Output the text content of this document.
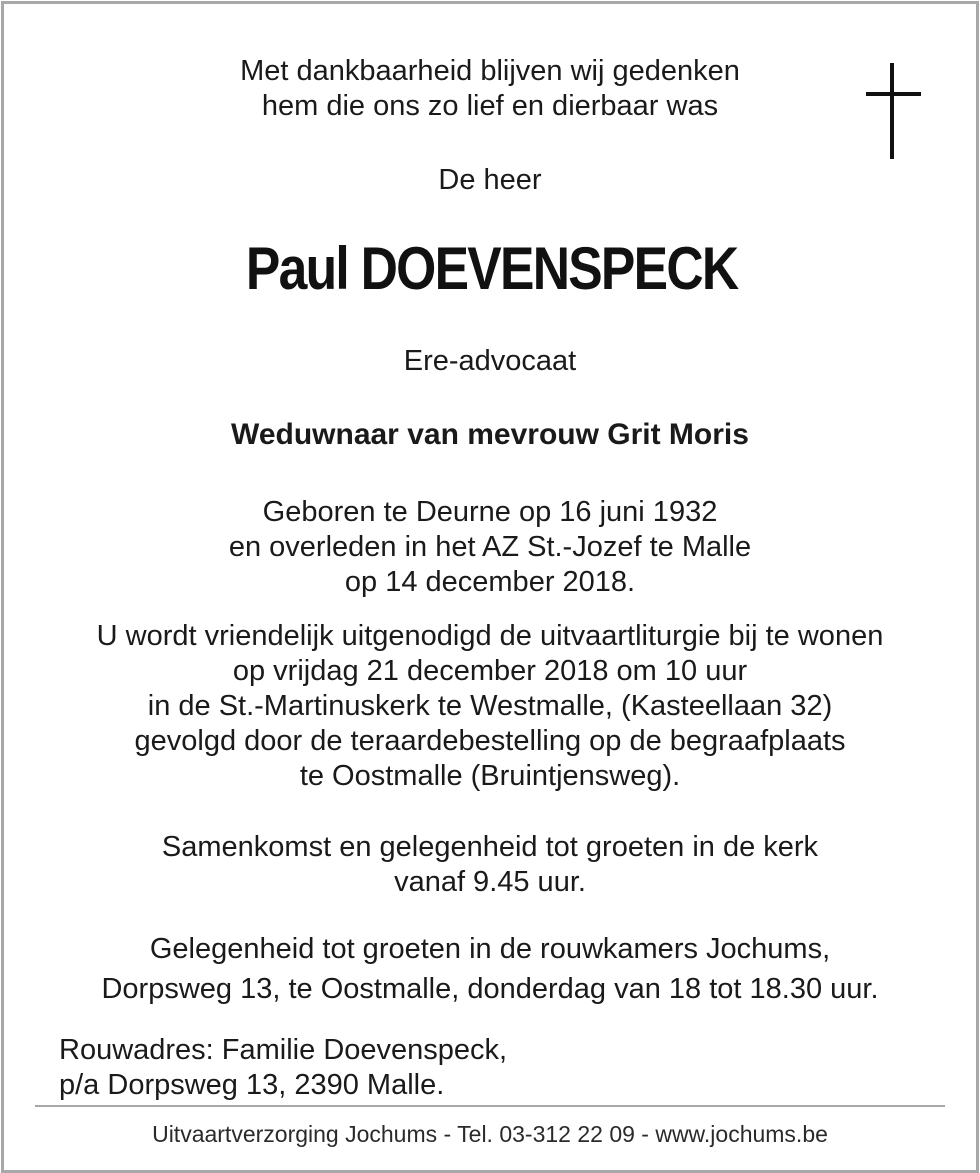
Met dankbaarheid blijven wij gedenken
hem die ons zo lief en dierbaar was
De heer
Paul DOEVENSPECK
Ere-advocaat
Weduwnaar van mevrouw Grit Moris
Geboren te Deurne op 16 juni 1932
en overleden in het AZ St.-Jozef te Malle
op 14 december 2018.
U wordt vriendelijk uitgenodigd de uitvaartliturgie bij te wonen
op vrijdag 21 december 2018 om 10 uur
in de St.-Martinuskerk te Westmalle, (Kasteellaan 32)
gevolgd door de teraardebestelling op de begraafplaats
te Oostmalle (Bruintjensweg).
Samenkomst en gelegenheid tot groeten in de kerk
vanaf 9.45 uur.
Gelegenheid tot groeten in de rouwkamers Jochums,
Dorpsweg 13, te Oostmalle, donderdag van 18 tot 18.30 uur.
Rouwadres: Familie Doevenspeck,
p/a Dorpsweg 13, 2390 Malle.
Uitvaartverzorging Jochums - Tel. 03-312 22 09 - www.jochums.be
